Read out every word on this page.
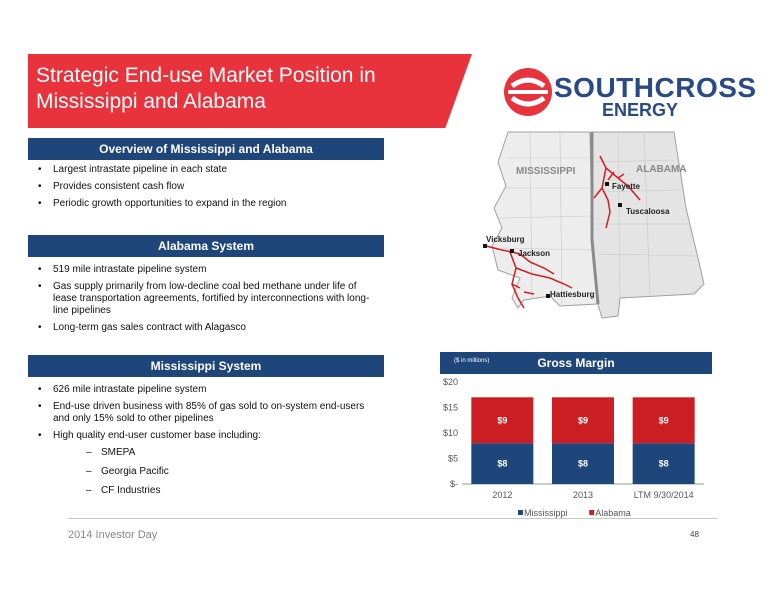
Strategic End-use Market Position in Mississippi and Alabama	SOUTHCROSS
ENERGY
Overview of Mississippi and Alabama
• Largest intrastate pipeline in each state
• Provides consistent cash flow
• Periodic growth opportunities to expand in the region
Alabama System
• 519 mile intrastate pipeline system
• Gas supply primarily from low-decline coal bed methane under life of lease transportation agreements, fortified by interconnections with long-line pipelines
• Long-term gas sales contract with Alagasco
Mississippi System
• 626 mile intrastate pipeline system
• End-use driven business with 85% of gas sold to on-system end-users and only 15% sold to other pipelines
• High quality end-user customer base including:
– SMEPA
– Georgia Pacific
– CF Industries
MISSISSIPPI	ALABAMA
Fayette
Tuscaloosa
Vicksburg
Jackson
Hattiesburg
Gross Margin
($ in millions)
$-
$5
$10
$15
$20
$8
$9
2012
$8
$9
2013
$8
$9
LTM 9/30/2014
Mississippi	Alabama
2014 Investor Day	48
